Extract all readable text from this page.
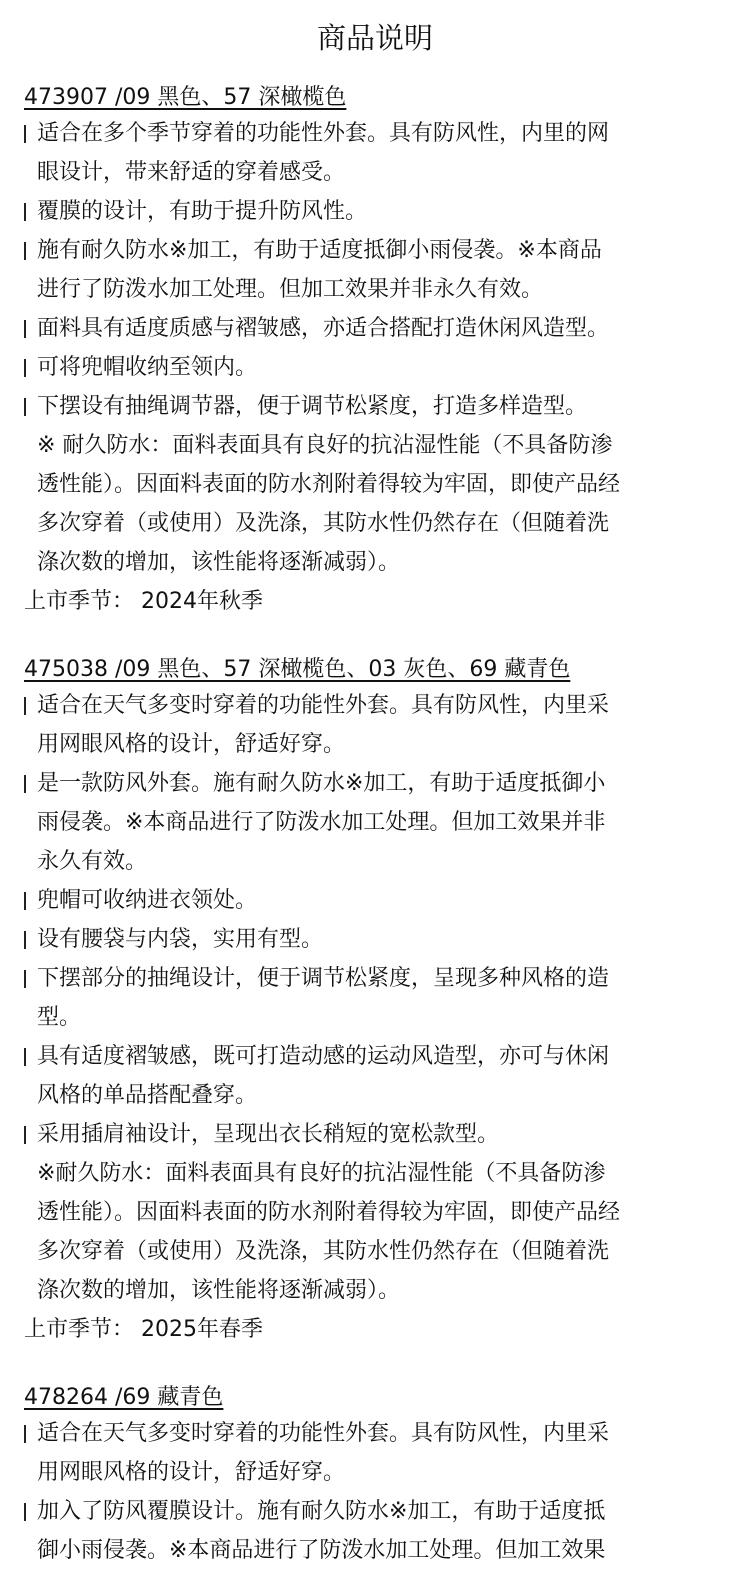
商品说明
473907 /09 黑色、57 深橄榄色
适合在多个季节穿着的功能性外套。具有防风性，内里的网
眼设计，带来舒适的穿着感受。
覆膜的设计，有助于提升防风性。
施有耐久防水※加工，有助于适度抵御小雨侵袭。※本商品
进行了防泼水加工处理。但加工效果并非永久有效。
面料具有适度质感与褶皱感，亦适合搭配打造休闲风造型。
可将兜帽收纳至领内。
下摆设有抽绳调节器，便于调节松紧度，打造多样造型。
※ 耐久防水：面料表面具有良好的抗沾湿性能（不具备防渗
透性能）。因面料表面的防水剂附着得较为牢固，即使产品经
多次穿着（或使用）及洗涤，其防水性仍然存在（但随着洗
涤次数的增加，该性能将逐渐减弱）。
上市季节： 2024年秋季
475038 /09 黑色、57 深橄榄色、03 灰色、69 藏青色
适合在天气多变时穿着的功能性外套。具有防风性，内里采
用网眼风格的设计，舒适好穿。
是一款防风外套。施有耐久防水※加工，有助于适度抵御小
雨侵袭。※本商品进行了防泼水加工处理。但加工效果并非
永久有效。
兜帽可收纳进衣领处。
设有腰袋与内袋，实用有型。
下摆部分的抽绳设计，便于调节松紧度，呈现多种风格的造
型。
具有适度褶皱感，既可打造动感的运动风造型，亦可与休闲
风格的单品搭配叠穿。
采用插肩袖设计，呈现出衣长稍短的宽松款型。
※耐久防水：面料表面具有良好的抗沾湿性能（不具备防渗
透性能）。因面料表面的防水剂附着得较为牢固，即使产品经
多次穿着（或使用）及洗涤，其防水性仍然存在（但随着洗
涤次数的增加，该性能将逐渐减弱）。
上市季节： 2025年春季
478264 /69 藏青色
适合在天气多变时穿着的功能性外套。具有防风性，内里采
用网眼风格的设计，舒适好穿。
加入了防风覆膜设计。施有耐久防水※加工，有助于适度抵
御小雨侵袭。※本商品进行了防泼水加工处理。但加工效果
